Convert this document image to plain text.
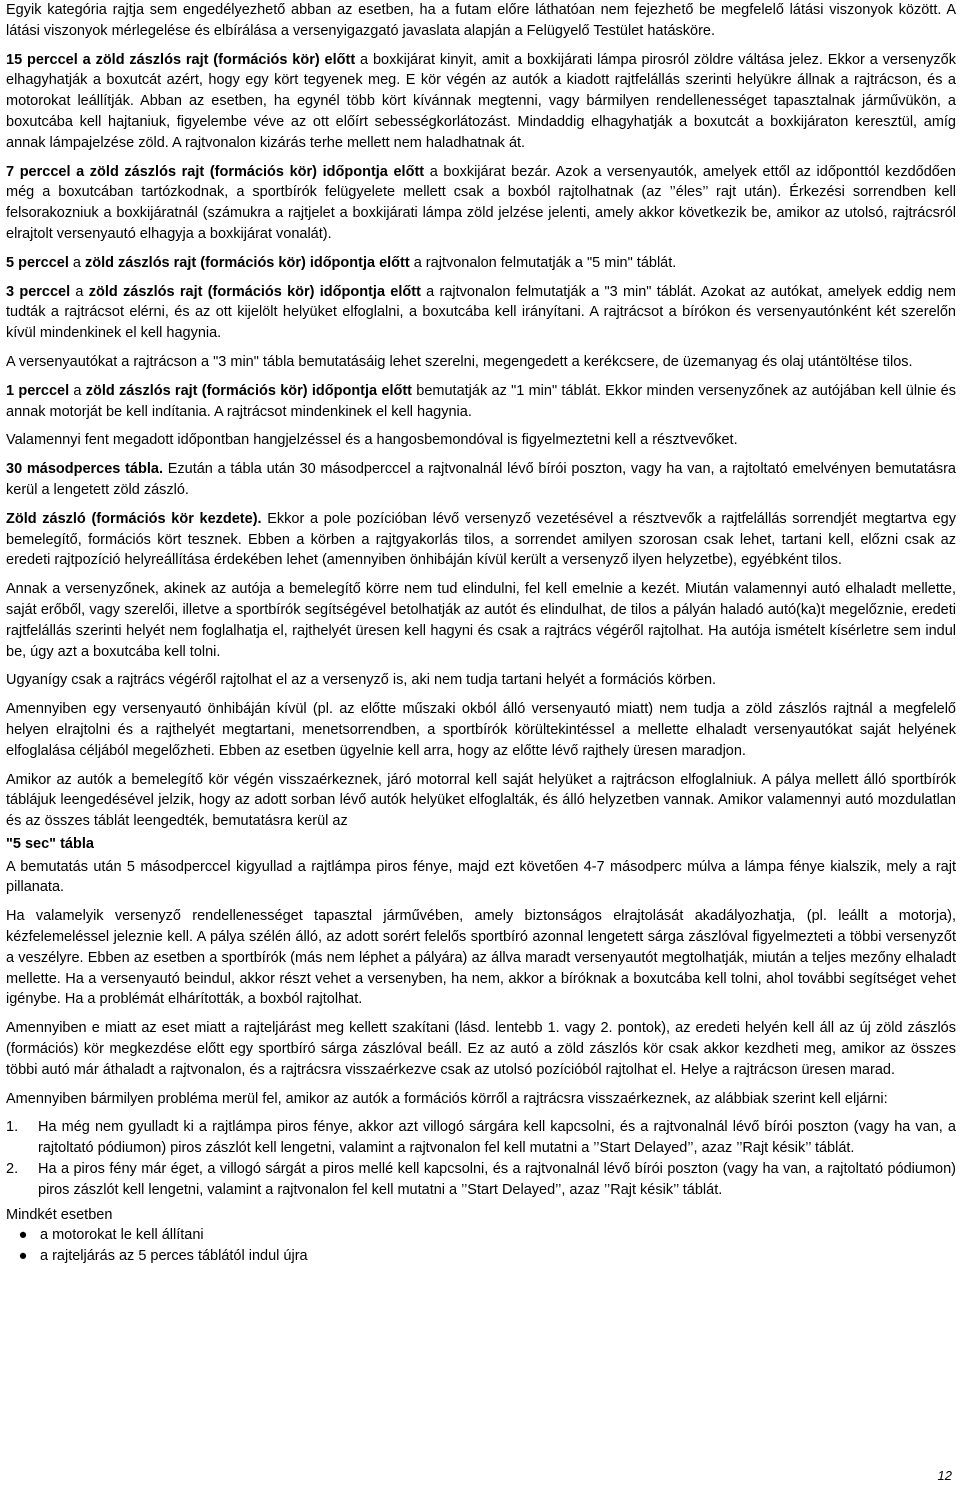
Egyik kategória rajtja sem engedélyezhető abban az esetben, ha a futam előre láthatóan nem fejezhető be megfelelő látási viszonyok között. A látási viszonyok mérlegelése és elbírálása a versenyigazgató javaslata alapján a Felügyelő Testület hatásköre.

15 perccel a zöld zászlós rajt (formációs kör) előtt a boxkijárat kinyit, amit a boxkijárati lámpa pirosról zöldre váltása jelez. Ekkor a versenyzők elhagyhatják a boxutcát azért, hogy egy kört tegyenek meg. E kör végén az autók a kiadott rajtfelállás szerinti helyükre állnak a rajtrácson, és a motorokat leállítják. Abban az esetben, ha egynél több kört kívánnak megtenni, vagy bármilyen rendellenességet tapasztalnak járművükön, a boxutcába kell hajtaniuk, figyelembe véve az ott előírt sebességkorlátozást. Mindaddig elhagyhatják a boxutcát a boxkijáraton keresztül, amíg annak lámpajelzése zöld. A rajtvonalon kizárás terhe mellett nem haladhatnak át.

7 perccel a zöld zászlós rajt (formációs kör) időpontja előtt a boxkijárat bezár. Azok a versenyautók, amelyek ettől az időponttól kezdődően még a boxutcában tartózkodnak, a sportbírók felügyelete mellett csak a boxból rajtolhatnak (az ’’éles’’ rajt után). Érkezési sorrendben kell felsorakozniuk a boxkijáratnál (számukra a rajtjelet a boxkijárati lámpa zöld jelzése jelenti, amely akkor következik be, amikor az utolsó, rajtrácsról elrajtolt versenyautó elhagyja a boxkijárat vonalát).

5 perccel a zöld zászlós rajt (formációs kör) időpontja előtt a rajtvonalon felmutatják a "5 min" táblát.

3 perccel a zöld zászlós rajt (formációs kör) időpontja előtt a rajtvonalon felmutatják a "3 min" táblát. Azokat az autókat, amelyek eddig nem tudták a rajtrácsot elérni, és az ott kijelölt helyüket elfoglalni, a boxutcába kell irányítani. A rajtrácsot a bírókon és versenyautónként két szerelőn kívül mindenkinek el kell hagynia.

A versenyautókat a rajtrácson a "3 min" tábla bemutatásáig lehet szerelni, megengedett a kerékcsere, de üzemanyag és olaj utántöltése tilos.

1 perccel a zöld zászlós rajt (formációs kör) időpontja előtt bemutatják az "1 min" táblát. Ekkor minden versenyzőnek az autójában kell ülnie és annak motorját be kell indítania. A rajtrácsot mindenkinek el kell hagynia.

Valamennyi fent megadott időpontban hangjelzéssel és a hangosbemondóval is figyelmeztetni kell a résztvevőket.

30 másodperces tábla. Ezután a tábla után 30 másodperccel a rajtvonalnál lévő bírói poszton, vagy ha van, a rajtoltató emelvényen bemutatásra kerül a lengetett zöld zászló.

Zöld zászló (formációs kör kezdete). Ekkor a pole pozícióban lévő versenyző vezetésével a résztvevők a rajtfelállás sorrendjét megtartva egy bemelegítő, formációs kört tesznek. Ebben a körben a rajtgyakorlás tilos, a sorrendet amilyen szorosan csak lehet, tartani kell, előzni csak az eredeti rajtpozíció helyreállítása érdekében lehet (amennyiben önhibáján kívül került a versenyző ilyen helyzetbe), egyébként tilos.

Annak a versenyzőnek, akinek az autója a bemelegítő körre nem tud elindulni, fel kell emelnie a kezét. Miután valamennyi autó elhaladt mellette, saját erőből, vagy szerelői, illetve a sportbírók segítségével betolhatják az autót és elindulhat, de tilos a pályán haladó autó(ka)t megelőznie, eredeti rajtfelállás szerinti helyét nem foglalhatja el, rajthelyét üresen kell hagyni és csak a rajtrács végéről rajtolhat. Ha autója ismételt kísérletre sem indul be, úgy azt a boxutcába kell tolni.

Ugyanígy csak a rajtrács végéről rajtolhat el az a versenyző is, aki nem tudja tartani helyét a formációs körben.

Amennyiben egy versenyautó önhibáján kívül (pl. az előtte műszaki okból álló versenyautó miatt) nem tudja a zöld zászlós rajtnál a megfelelő helyen elrajtolni és a rajthelyét megtartani, menetsorrendben, a sportbírók körültekintéssel a mellette elhaladt versenyautókat saját helyének elfoglalása céljából megelőzheti. Ebben az esetben ügyelnie kell arra, hogy az előtte lévő rajthely üresen maradjon.

Amikor az autók a bemelegítő kör végén visszaérkeznek, járó motorral kell saját helyüket a rajtrácson elfoglalniuk. A pálya mellett álló sportbírók táblájuk leengedésével jelzik, hogy az adott sorban lévő autók helyüket elfoglalták, és álló helyzetben vannak. Amikor valamennyi autó mozdulatlan és az összes táblát leengedték, bemutatásra kerül az

"5 sec" tábla

A bemutatás után 5 másodperccel kigyullad a rajtlámpa piros fénye, majd ezt követően 4-7 másodperc múlva a lámpa fénye kialszik, mely a rajt pillanata.

Ha valamelyik versenyző rendellenességet tapasztal járművében, amely biztonságos elrajtolását akadályozhatja, (pl. leállt a motorja), kézfelemeléssel jeleznie kell. A pálya szélén álló, az adott sorért felelős sportbíró azonnal lengetett sárga zászlóval figyelmezteti a többi versenyzőt a veszélyre. Ebben az esetben a sportbírók (más nem léphet a pályára) az állva maradt versenyautót megtolhatják, miután a teljes mezőny elhaladt mellette. Ha a versenyautó beindul, akkor részt vehet a versenyben, ha nem, akkor a bíróknak a boxutcába kell tolni, ahol további segítséget vehet igénybe. Ha a problémát elhárították, a boxból rajtolhat.

Amennyiben e miatt az eset miatt a rajteljárást meg kellett szakítani (lásd. lentebb 1. vagy 2. pontok), az eredeti helyén kell áll az új zöld zászlós (formációs) kör megkezdése előtt egy sportbíró sárga zászlóval beáll. Ez az autó a zöld zászlós kör csak akkor kezdheti meg, amikor az összes többi autó már áthaladt a rajtvonalon, és a rajtrácsra visszaérkezve csak az utolsó pozícióból rajtolhat el. Helye a rajtrácson üresen marad.

Amennyiben bármilyen probléma merül fel, amikor az autók a formációs körről a rajtrácsra visszaérkeznek, az alábbiak szerint kell eljárni:

1.	Ha még nem gyulladt ki a rajtlámpa piros fénye, akkor azt villogó sárgára kell kapcsolni, és a rajtvonalnál lévő bírói poszton (vagy ha van, a rajtoltató pódiumon) piros zászlót kell lengetni, valamint a rajtvonalon fel kell mutatni a ’’Start Delayed’’, azaz ’’Rajt késik’’ táblát.
2.	Ha a piros fény már éget, a villogó sárgát a piros mellé kell kapcsolni, és a rajtvonalnál lévő bírói poszton (vagy ha van, a rajtoltató pódiumon) piros zászlót kell lengetni, valamint a rajtvonalon fel kell mutatni a ’’Start Delayed’’, azaz ’’Rajt késik’’ táblát.

Mindkét esetben

● a motorokat le kell állítani
● a rajteljárás az 5 perces táblától indul újra
12
